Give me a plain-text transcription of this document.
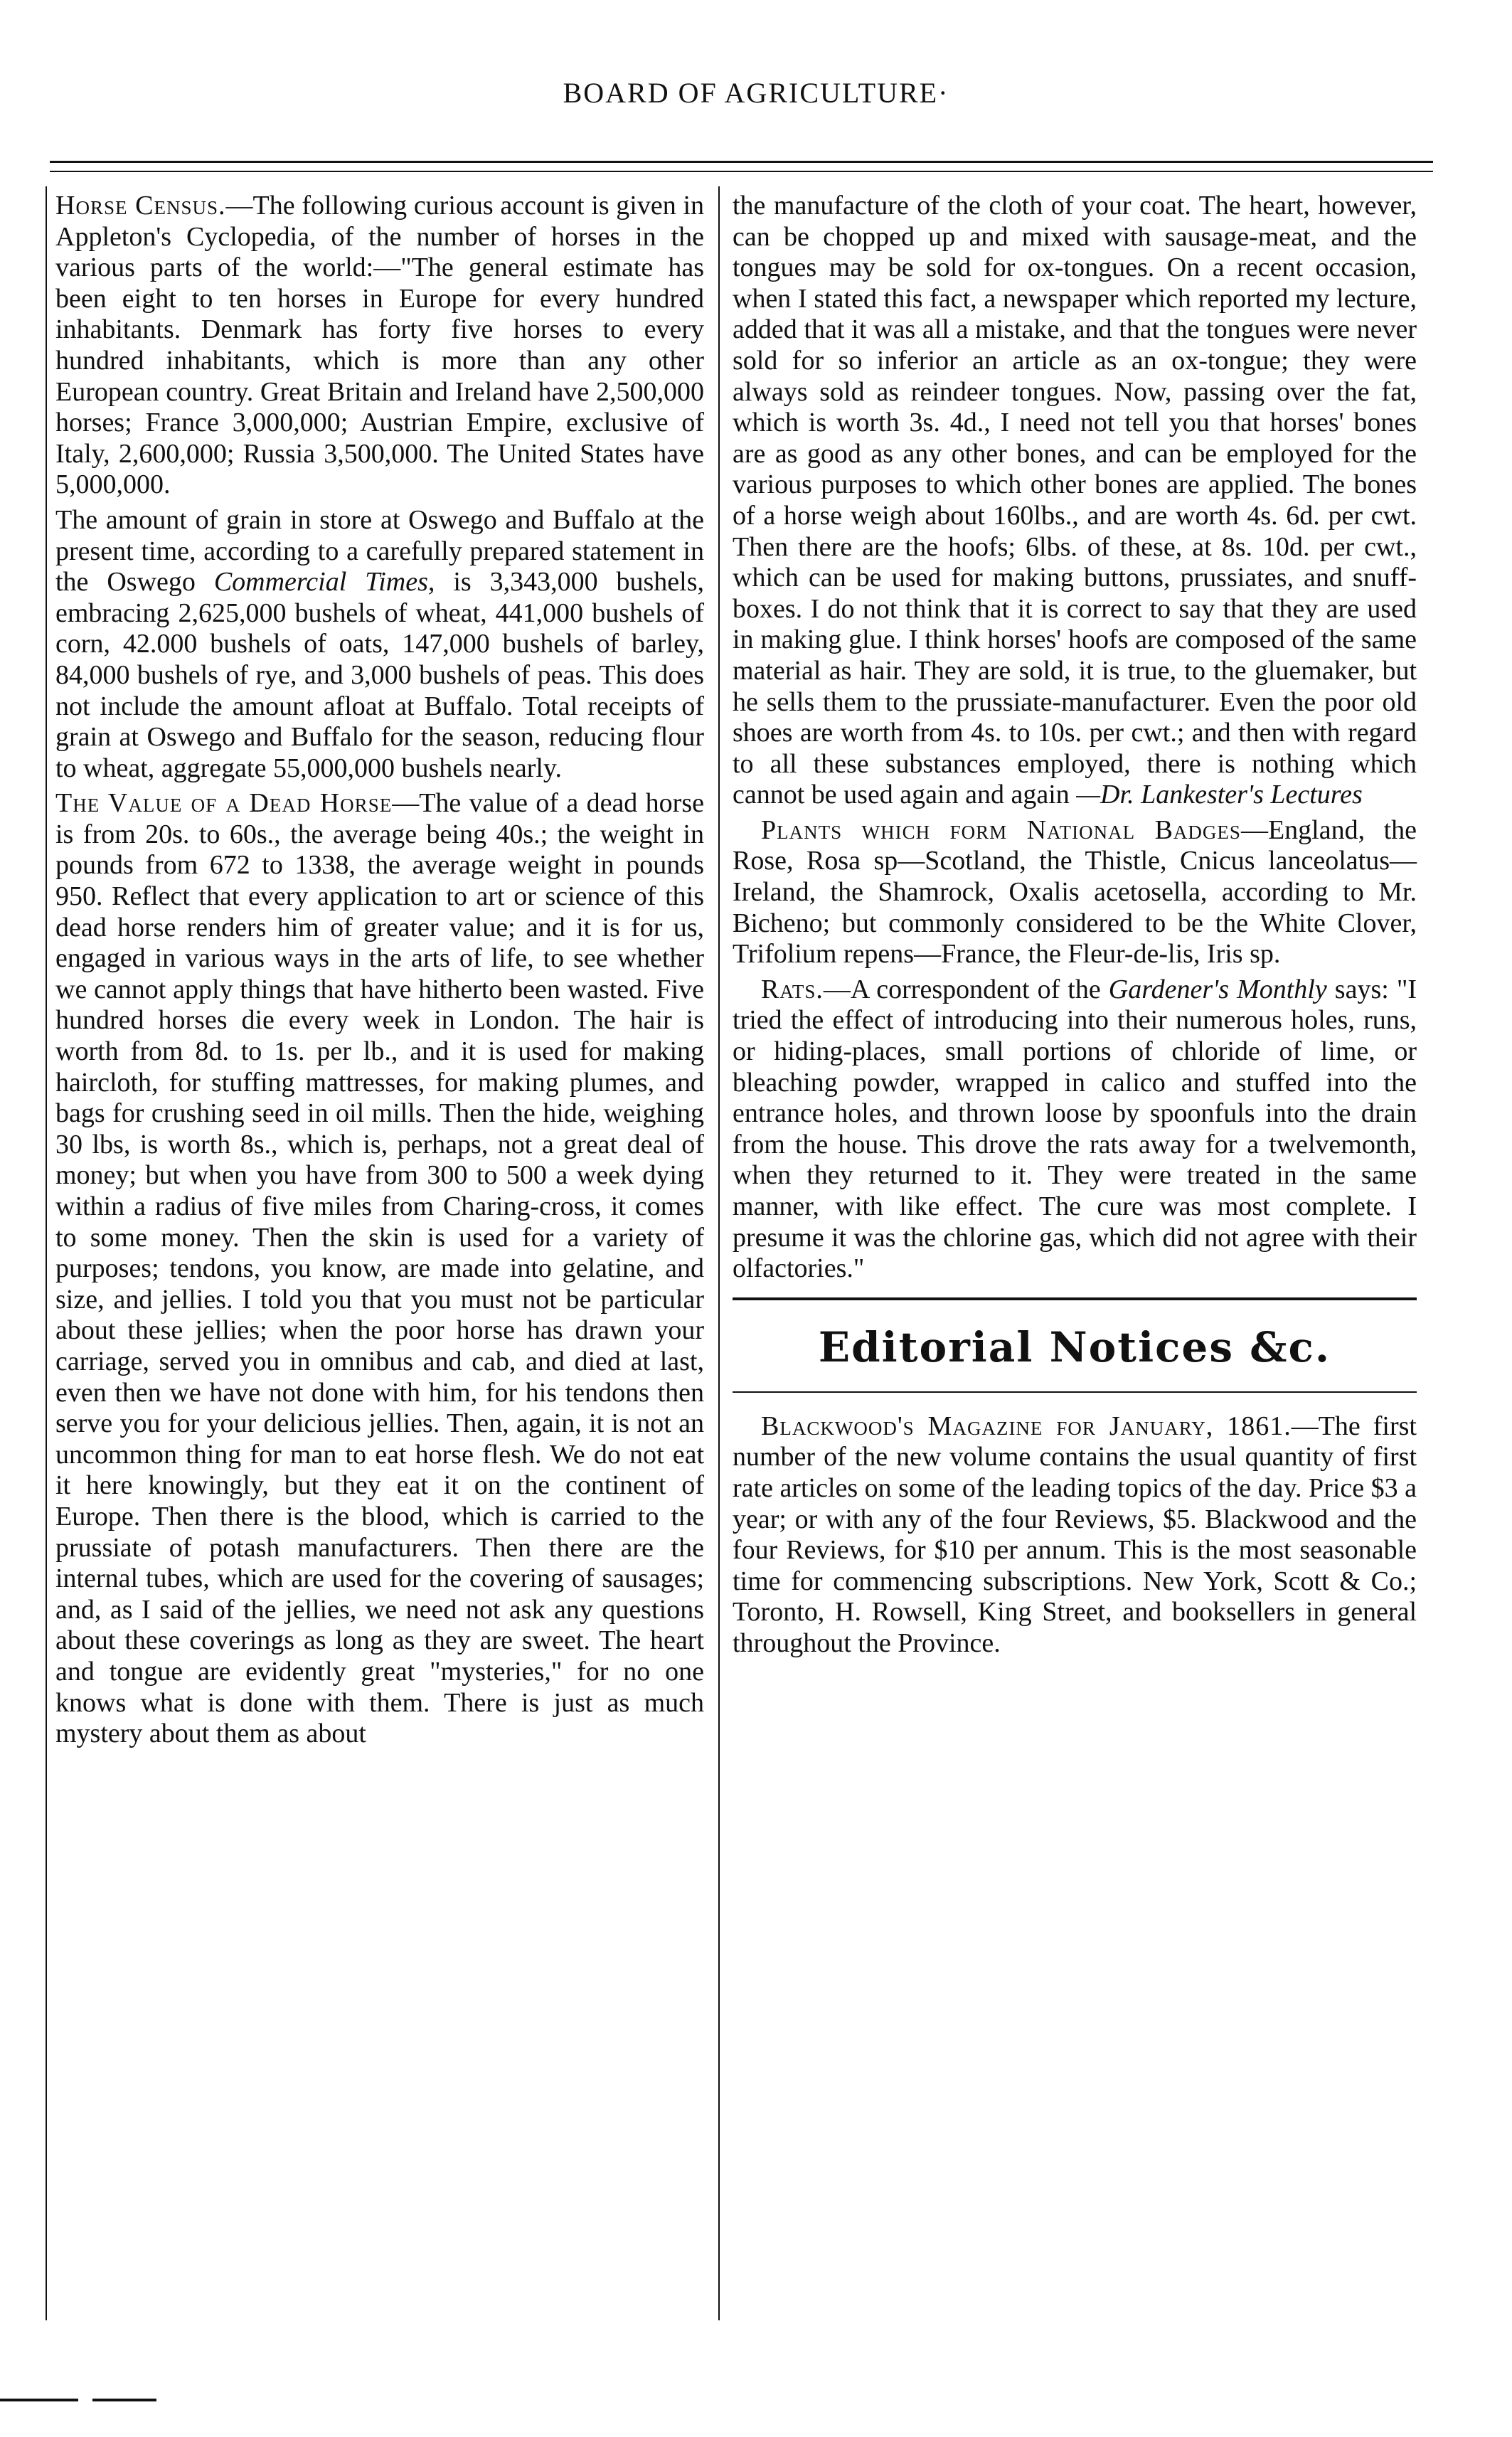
BOARD OF AGRICULTURE·

Horse Census.—The following curious account is given in Appleton's Cyclopedia, of the number of horses in the various parts of the world:—"The general estimate has been eight to ten horses in Europe for every hundred inhabitants. Denmark has forty five horses to every hundred inhabitants, which is more than any other European country. Great Britain and Ireland have 2,500,000 horses; France 3,000,000; Austrian Empire, exclusive of Italy, 2,600,000; Russia 3,500,000. The United States have 5,000,000.

The amount of grain in store at Oswego and Buffalo at the present time, according to a carefully prepared statement in the Oswego Commercial Times, is 3,343,000 bushels, embracing 2,625,000 bushels of wheat, 441,000 bushels of corn, 42.000 bushels of oats, 147,000 bushels of barley, 84,000 bushels of rye, and 3,000 bushels of peas. This does not include the amount afloat at Buffalo. Total receipts of grain at Oswego and Buffalo for the season, reducing flour to wheat, aggregate 55,000,000 bushels nearly.

The Value of a Dead Horse—The value of a dead horse is from 20s. to 60s., the average being 40s.; the weight in pounds from 672 to 1338, the average weight in pounds 950. Reflect that every application to art or science of this dead horse renders him of greater value; and it is for us, engaged in various ways in the arts of life, to see whether we cannot apply things that have hitherto been wasted. Five hundred horses die every week in London. The hair is worth from 8d. to 1s. per lb., and it is used for making haircloth, for stuffing mattresses, for making plumes, and bags for crushing seed in oil mills. Then the hide, weighing 30 lbs, is worth 8s., which is, perhaps, not a great deal of money; but when you have from 300 to 500 a week dying within a radius of five miles from Charing-cross, it comes to some money. Then the skin is used for a variety of purposes; tendons, you know, are made into gelatine, and size, and jellies. I told you that you must not be particular about these jellies; when the poor horse has drawn your carriage, served you in omnibus and cab, and died at last, even then we have not done with him, for his tendons then serve you for your delicious jellies. Then, again, it is not an uncommon thing for man to eat horse flesh. We do not eat it here knowingly, but they eat it on the continent of Europe. Then there is the blood, which is carried to the prussiate of potash manufacturers. Then there are the internal tubes, which are used for the covering of sausages; and, as I said of the jellies, we need not ask any questions about these coverings as long as they are sweet. The heart and tongue are evidently great "mysteries," for no one knows what is done with them. There is just as much mystery about them as about

the manufacture of the cloth of your coat. The heart, however, can be chopped up and mixed with sausage-meat, and the tongues may be sold for ox-tongues. On a recent occasion, when I stated this fact, a newspaper which reported my lecture, added that it was all a mistake, and that the tongues were never sold for so inferior an article as an ox-tongue; they were always sold as reindeer tongues. Now, passing over the fat, which is worth 3s. 4d., I need not tell you that horses' bones are as good as any other bones, and can be employed for the various purposes to which other bones are applied. The bones of a horse weigh about 160lbs., and are worth 4s. 6d. per cwt. Then there are the hoofs; 6lbs. of these, at 8s. 10d. per cwt., which can be used for making buttons, prussiates, and snuff-boxes. I do not think that it is correct to say that they are used in making glue. I think horses' hoofs are composed of the same material as hair. They are sold, it is true, to the gluemaker, but he sells them to the prussiate-manufacturer. Even the poor old shoes are worth from 4s. to 10s. per cwt.; and then with regard to all these substances employed, there is nothing which cannot be used again and again —Dr. Lankester's Lectures

Plants which form National Badges—England, the Rose, Rosa sp—Scotland, the Thistle, Cnicus lanceolatus—Ireland, the Shamrock, Oxalis acetosella, according to Mr. Bicheno; but commonly considered to be the White Clover, Trifolium repens—France, the Fleur-de-lis, Iris sp.

Rats.—A correspondent of the Gardener's Monthly says: "I tried the effect of introducing into their numerous holes, runs, or hiding-places, small portions of chloride of lime, or bleaching powder, wrapped in calico and stuffed into the entrance holes, and thrown loose by spoonfuls into the drain from the house. This drove the rats away for a twelvemonth, when they returned to it. They were treated in the same manner, with like effect. The cure was most complete. I presume it was the chlorine gas, which did not agree with their olfactories."

Editorial Notices &c.

Blackwood's Magazine for January, 1861.—The first number of the new volume contains the usual quantity of first rate articles on some of the leading topics of the day. Price $3 a year; or with any of the four Reviews, $5. Blackwood and the four Reviews, for $10 per annum. This is the most seasonable time for commencing subscriptions. New York, Scott & Co.; Toronto, H. Rowsell, King Street, and booksellers in general throughout the Province.
